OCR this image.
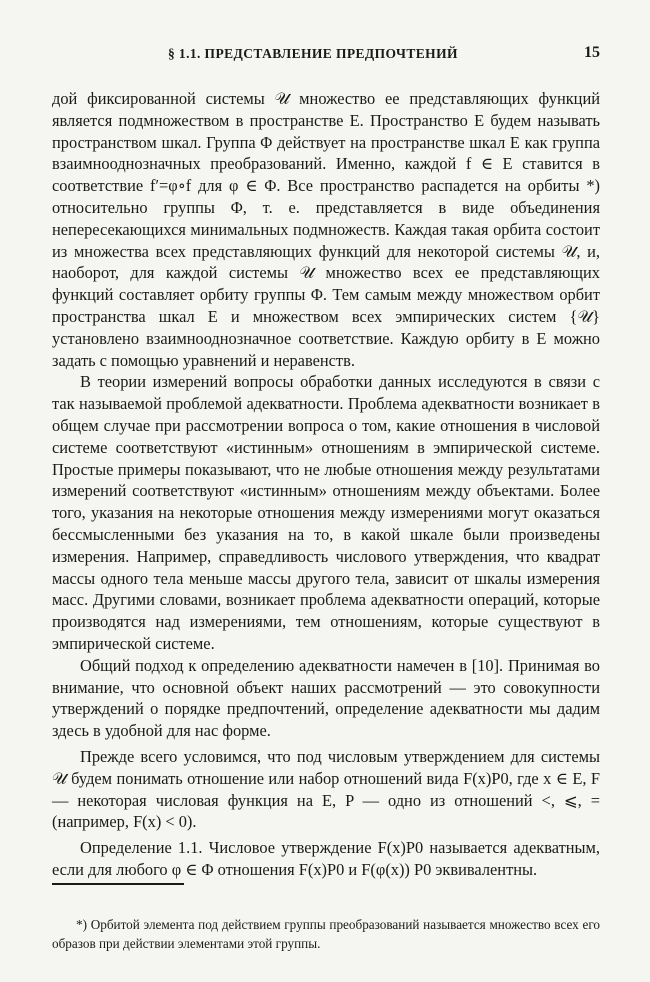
§ 1.1. ПРЕДСТАВЛЕНИЕ ПРЕДПОЧТЕНИЙ	15

дой фиксированной системы 𝒰 множество ее представляющих функций является подмножеством в пространстве E. Пространство E будем называть пространством шкал. Группа Φ действует на пространстве шкал E как группа взаимнооднозначных преобразований. Именно, каждой f ∈ E ставится в соответствие f′=φ∘f для φ ∈ Φ. Все пространство распадется на орбиты *) относительно группы Φ, т. е. представляется в виде объединения непересекающихся минимальных подмножеств. Каждая такая орбита состоит из множества всех представляющих функций для некоторой системы 𝒰, и, наоборот, для каждой системы 𝒰 множество всех ее представляющих функций составляет орбиту группы Φ. Тем самым между множеством орбит пространства шкал E и множеством всех эмпирических систем {𝒰} установлено взаимнооднозначное соответствие. Каждую орбиту в E можно задать с помощью уравнений и неравенств.

В теории измерений вопросы обработки данных исследуются в связи с так называемой проблемой адекватности. Проблема адекватности возникает в общем случае при рассмотрении вопроса о том, какие отношения в числовой системе соответствуют «истинным» отношениям в эмпирической системе. Простые примеры показывают, что не любые отношения между результатами измерений соответствуют «истинным» отношениям между объектами. Более того, указания на некоторые отношения между измерениями могут оказаться бессмысленными без указания на то, в какой шкале были произведены измерения. Например, справедливость числового утверждения, что квадрат массы одного тела меньше массы другого тела, зависит от шкалы измерения масс. Другими словами, возникает проблема адекватности операций, которые производятся над измерениями, тем отношениям, которые существуют в эмпирической системе.

Общий подход к определению адекватности намечен в [10]. Принимая во внимание, что основной объект наших рассмотрений — это совокупности утверждений о порядке предпочтений, определение адекватности мы дадим здесь в удобной для нас форме.

Прежде всего условимся, что под числовым утверждением для системы 𝒰 будем понимать отношение или набор отношений вида F(x)P0, где x ∈ E, F — некоторая числовая функция на E, P — одно из отношений <, ⩽, = (например, F(x) < 0).

Определение 1.1. Числовое утверждение F(x)P0 называется адекватным, если для любого φ ∈ Φ отношения F(x)P0 и F(φ(x)) P0 эквивалентны.

*) Орбитой элемента под действием группы преобразований называется множество всех его образов при действии элементами этой группы.
